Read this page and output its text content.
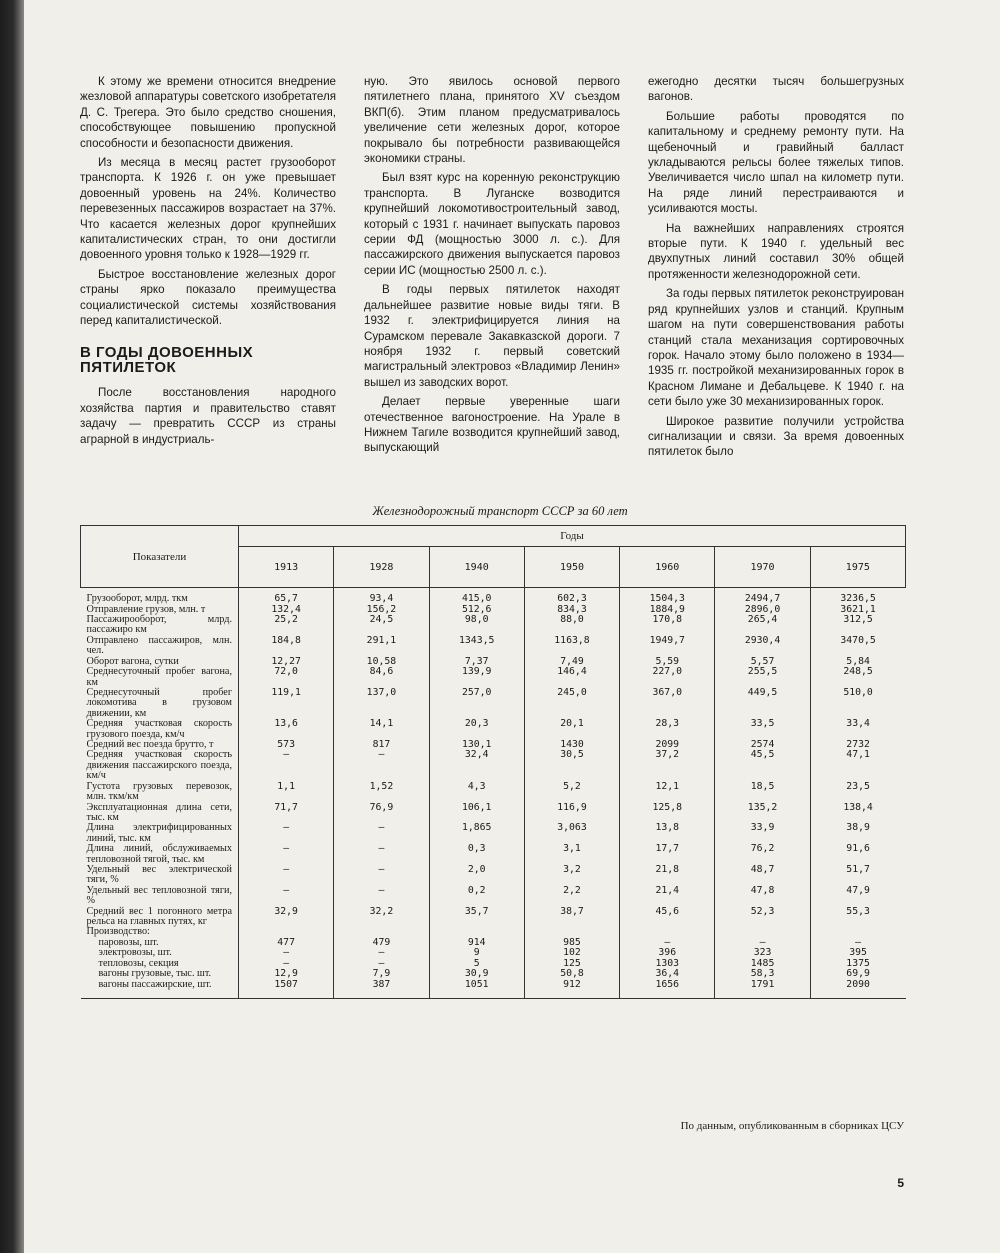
К этому же времени относится внедрение жезловой аппаратуры советского изобретателя Д. С. Трегера. Это было средство сношения, способствующее повышению пропускной способности и безопасности движения.

Из месяца в месяц растет грузооборот транспорта. К 1926 г. он уже превышает довоенный уровень на 24%. Количество перевезенных пассажиров возрастает на 37%. Что касается железных дорог крупнейших капиталистических стран, то они достигли довоенного уровня только к 1928—1929 гг.

Быстрое восстановление железных дорог страны ярко показало преимущества социалистической системы хозяйствования перед капиталистической.

В ГОДЫ ДОВОЕННЫХ ПЯТИЛЕТОК

После восстановления народного хозяйства партия и правительство ставят задачу — превратить СССР из страны аграрной в индустриаль-

ную. Это явилось основой первого пятилетнего плана, принятого XV съездом ВКП(б). Этим планом предусматривалось увеличение сети железных дорог, которое покрывало бы потребности развивающейся экономики страны.

Был взят курс на коренную реконструкцию транспорта. В Луганске возводится крупнейший локомотивостроительный завод, который с 1931 г. начинает выпускать паровоз серии ФД (мощностью 3000 л. с.). Для пассажирского движения выпускается паровоз серии ИС (мощностью 2500 л. с.).

В годы первых пятилеток находят дальнейшее развитие новые виды тяги. В 1932 г. электрифицируется линия на Сурамском перевале Закавказской дороги. 7 ноября 1932 г. первый советский магистральный электровоз «Владимир Ленин» вышел из заводских ворот.

Делает первые уверенные шаги отечественное вагоностроение. На Урале в Нижнем Тагиле возводится крупнейший завод, выпускающий

ежегодно десятки тысяч большегрузных вагонов.

Большие работы проводятся по капитальному и среднему ремонту пути. На щебеночный и гравийный балласт укладываются рельсы более тяжелых типов. Увеличивается число шпал на километр пути. На ряде линий перестраиваются и усиливаются мосты.

На важнейших направлениях строятся вторые пути. К 1940 г. удельный вес двухпутных линий составил 30% общей протяженности железнодорожной сети.

За годы первых пятилеток реконструирован ряд крупнейших узлов и станций. Крупным шагом на пути совершенствования работы станций стала механизация сортировочных горок. Начало этому было положено в 1934—1935 гг. постройкой механизированных горок в Красном Лимане и Дебальцеве. К 1940 г. на сети было уже 30 механизированных горок.

Широкое развитие получили устройства сигнализации и связи. За время довоенных пятилеток было

Железнодорожный транспорт СССР за 60 лет
Показатели	Годы						
	1913	1928	1940	1950	1960	1970	1975
Грузооборот, млрд. ткм	65,7	93,4	415,0	602,3	1504,3	2494,7	3236,5
Отправление грузов, млн. т	132,4	156,2	512,6	834,3	1884,9	2896,0	3621,1
Пассажирооборот, млрд. пассажиро км	25,2	24,5	98,0	88,0	170,8	265,4	312,5
Отправлено пассажиров, млн. чел.	184,8	291,1	1343,5	1163,8	1949,7	2930,4	3470,5
Оборот вагона, сутки	12,27	10,58	7,37	7,49	5,59	5,57	5,84
Среднесуточный пробег вагона, км	72,0	84,6	139,9	146,4	227,0	255,5	248,5
Среднесуточный пробег локомотива в грузовом движении, км	119,1	137,0	257,0	245,0	367,0	449,5	510,0
Средняя участковая скорость грузового поезда, км/ч	13,6	14,1	20,3	20,1	28,3	33,5	33,4
Средний вес поезда брутто, т	573	817	130,1	1430	2099	2574	2732
Средняя участковая скорость движения пассажирского поезда, км/ч	—	—	32,4	30,5	37,2	45,5	47,1
Густота грузовых перевозок, млн. ткм/км	1,1	1,52	4,3	5,2	12,1	18,5	23,5
Эксплуатационная длина сети, тыс. км	71,7	76,9	106,1	116,9	125,8	135,2	138,4
Длина электрифицированных линий, тыс. км	—	—	1,865	3,063	13,8	33,9	38,9
Длина линий, обслуживаемых тепловозной тягой, тыс. км	—	—	0,3	3,1	17,7	76,2	91,6
Удельный вес электрической тяги, %	—	—	2,0	3,2	21,8	48,7	51,7
Удельный вес тепловозной тяги, %	—	—	0,2	2,2	21,4	47,8	47,9
Средний вес 1 погонного метра рельса на главных путях, кг	32,9	32,2	35,7	38,7	45,6	52,3	55,3
Производство:							
паровозы, шт.	477	479	914	985	—	—	—
электровозы, шт.	—	—	9	102	396	323	395
тепловозы, секция	—	—	5	125	1303	1485	1375
вагоны грузовые, тыс. шт.	12,9	7,9	30,9	50,8	36,4	58,3	69,9
вагоны пассажирские, шт.	1507	387	1051	912	1656	1791	2090
По данным, опубликованным в сборниках ЦСУ
5
